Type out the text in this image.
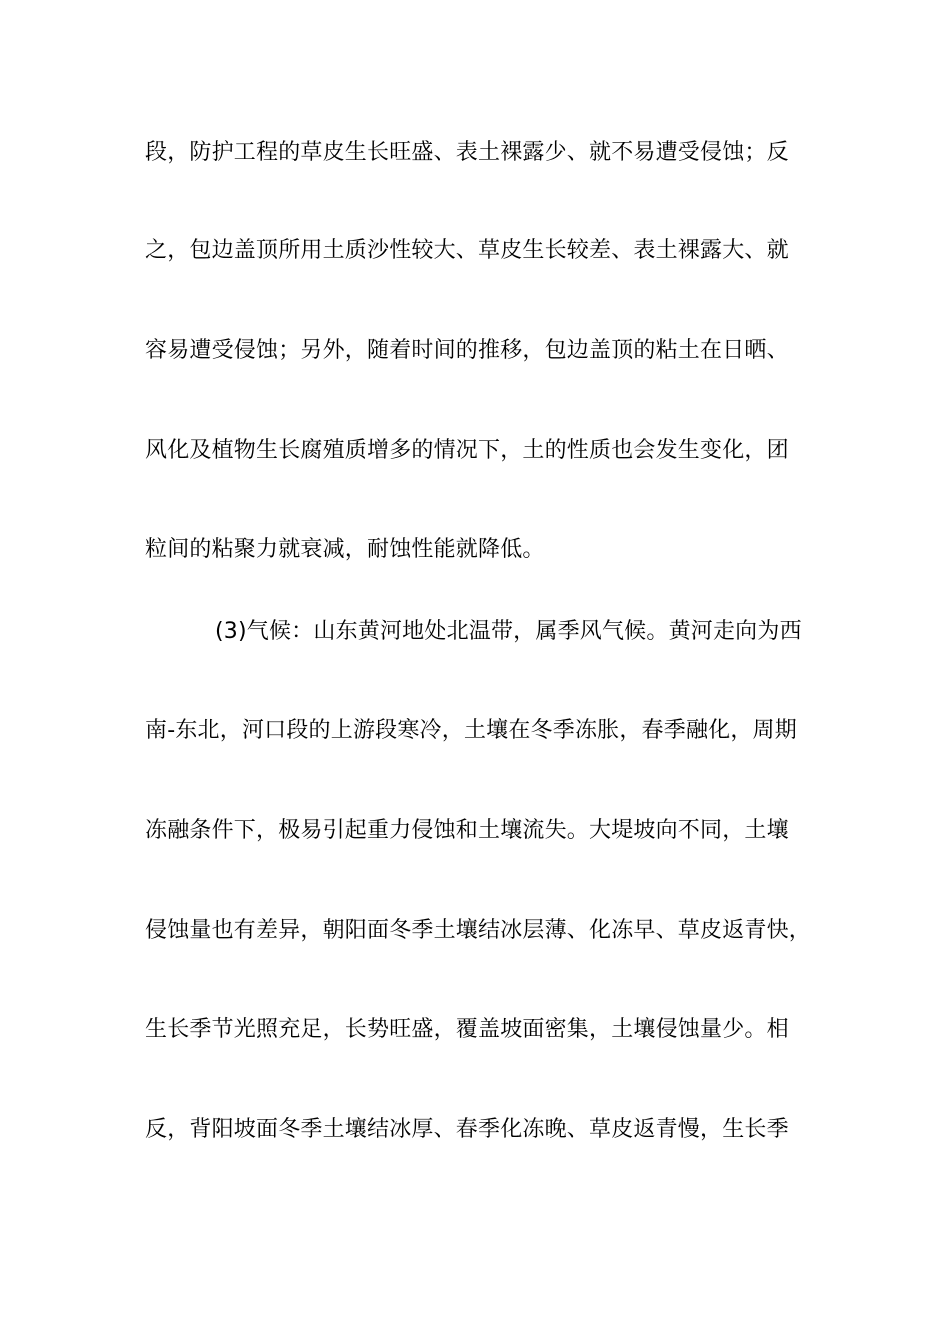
段，防护工程的草皮生长旺盛、表土裸露少、就不易遭受侵蚀；反
之，包边盖顶所用土质沙性较大、草皮生长较差、表土裸露大、就
容易遭受侵蚀；另外，随着时间的推移，包边盖顶的粘土在日晒、
风化及植物生长腐殖质增多的情况下，土的性质也会发生变化，团
粒间的粘聚力就衰减，耐蚀性能就降低。
(3)气候：山东黄河地处北温带，属季风气候。黄河走向为西
南-东北，河口段的上游段寒冷，土壤在冬季冻胀，春季融化，周期
冻融条件下，极易引起重力侵蚀和土壤流失。大堤坡向不同，土壤
侵蚀量也有差异，朝阳面冬季土壤结冰层薄、化冻早、草皮返青快，
生长季节光照充足，长势旺盛，覆盖坡面密集，土壤侵蚀量少。相
反，背阳坡面冬季土壤结冰厚、春季化冻晚、草皮返青慢，生长季
